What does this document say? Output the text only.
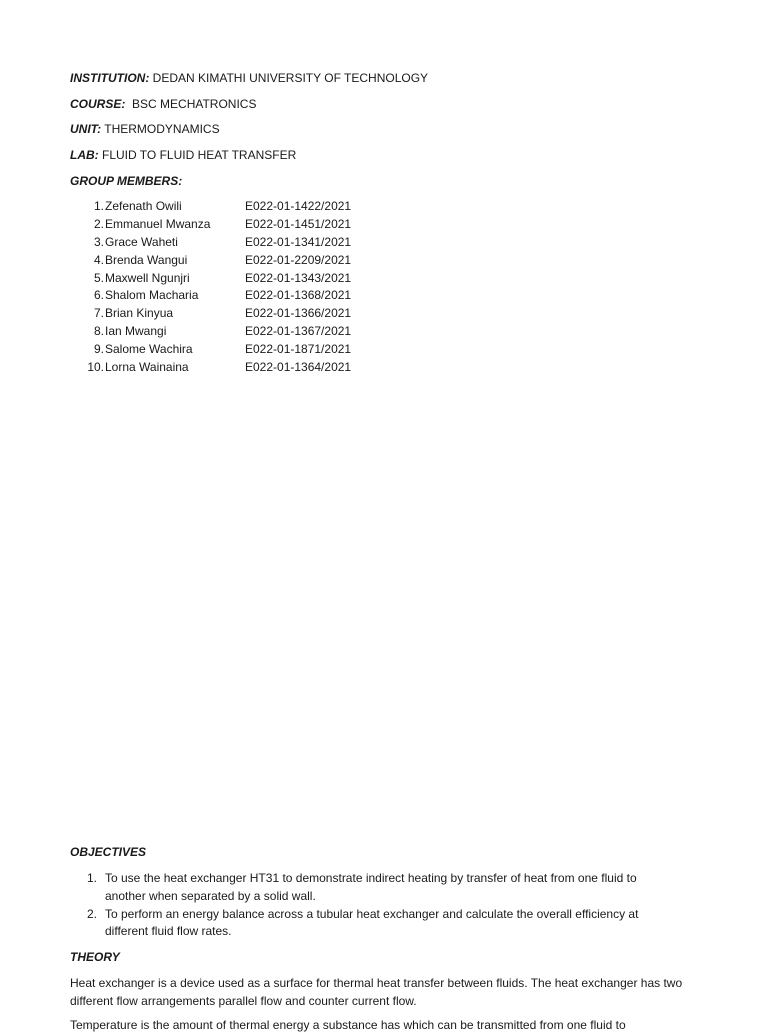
INSTITUTION: DEDAN KIMATHI UNIVERSITY OF TECHNOLOGY
COURSE: BSC MECHATRONICS
UNIT: THERMODYNAMICS
LAB: FLUID TO FLUID HEAT TRANSFER
GROUP MEMBERS:
1. Zefenath Owili	E022-01-1422/2021
2. Emmanuel Mwanza	E022-01-1451/2021
3. Grace Waheti	E022-01-1341/2021
4. Brenda Wangui	E022-01-2209/2021
5. Maxwell Ngunjri	E022-01-1343/2021
6. Shalom Macharia	E022-01-1368/2021
7. Brian Kinyua	E022-01-1366/2021
8. Ian Mwangi	E022-01-1367/2021
9. Salome Wachira	E022-01-1871/2021
10. Lorna Wainaina	E022-01-1364/2021
OBJECTIVES
1. To use the heat exchanger HT31 to demonstrate indirect heating by transfer of heat from one fluid to another when separated by a solid wall.
2. To perform an energy balance across a tubular heat exchanger and calculate the overall efficiency at different fluid flow rates.
THEORY
Heat exchanger is a device used as a surface for thermal heat transfer between fluids. The heat exchanger has two different flow arrangements parallel flow and counter current flow.
Temperature is the amount of thermal energy a substance has which can be transmitted from one fluid to
